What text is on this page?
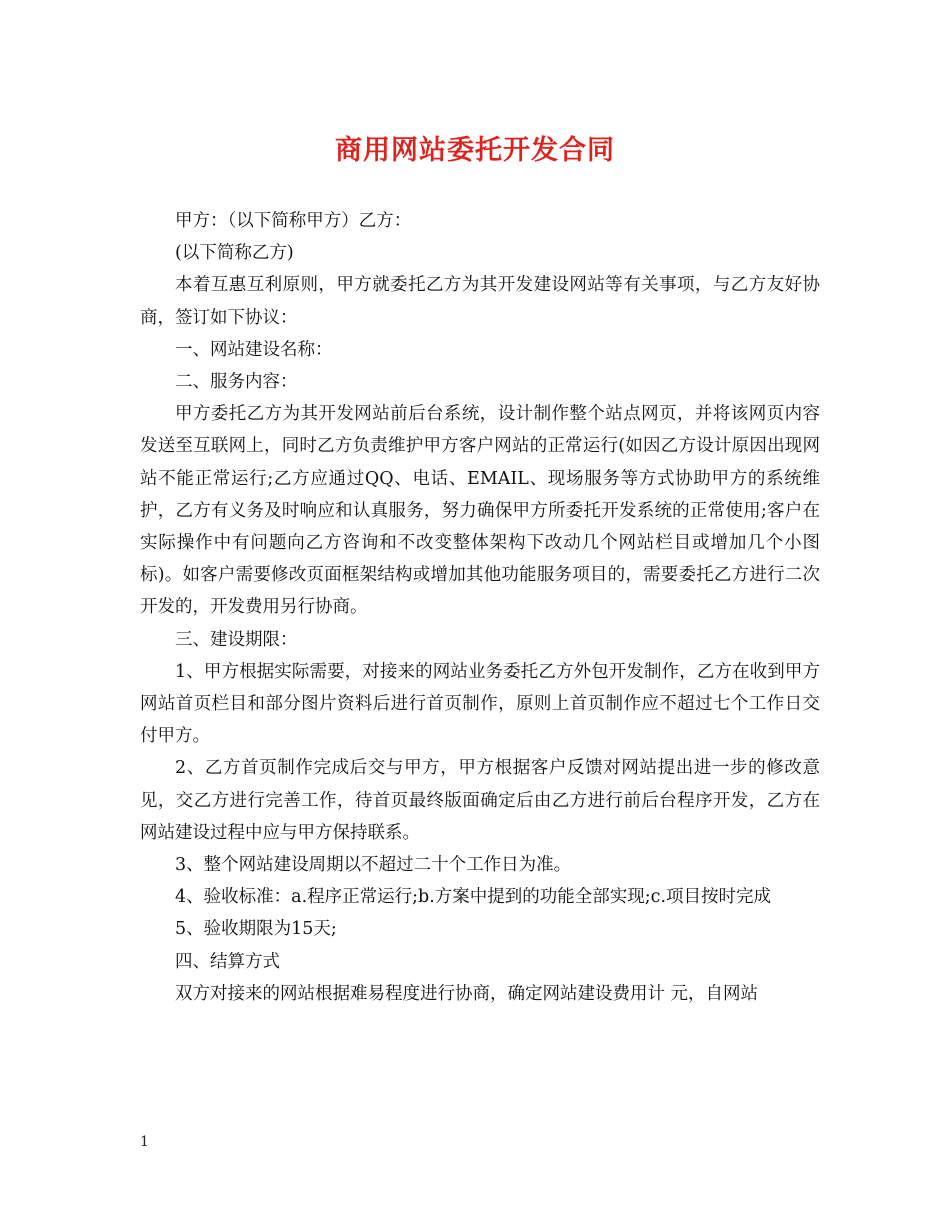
商用网站委托开发合同

甲方：（以下简称甲方）乙方：

(以下简称乙方)

本着互惠互利原则，甲方就委托乙方为其开发建设网站等有关事项，与乙方友好协商，签订如下协议：

一、网站建设名称：

二、服务内容：

甲方委托乙方为其开发网站前后台系统，设计制作整个站点网页，并将该网页内容发送至互联网上，同时乙方负责维护甲方客户网站的正常运行(如因乙方设计原因出现网站不能正常运行;乙方应通过QQ、电话、EMAIL、现场服务等方式协助甲方的系统维护，乙方有义务及时响应和认真服务，努力确保甲方所委托开发系统的正常使用;客户在实际操作中有问题向乙方咨询和不改变整体架构下改动几个网站栏目或增加几个小图标)。如客户需要修改页面框架结构或增加其他功能服务项目的，需要委托乙方进行二次开发的，开发费用另行协商。

三、建设期限：

1、甲方根据实际需要，对接来的网站业务委托乙方外包开发制作，乙方在收到甲方网站首页栏目和部分图片资料后进行首页制作，原则上首页制作应不超过七个工作日交付甲方。

2、乙方首页制作完成后交与甲方，甲方根据客户反馈对网站提出进一步的修改意见，交乙方进行完善工作，待首页最终版面确定后由乙方进行前后台程序开发，乙方在网站建设过程中应与甲方保持联系。

3、整个网站建设周期以不超过二十个工作日为准。

4、验收标准：a.程序正常运行;b.方案中提到的功能全部实现;c.项目按时完成

5、验收期限为15天;

四、结算方式

双方对接来的网站根据难易程度进行协商，确定网站建设费用计 元，自网站

1
